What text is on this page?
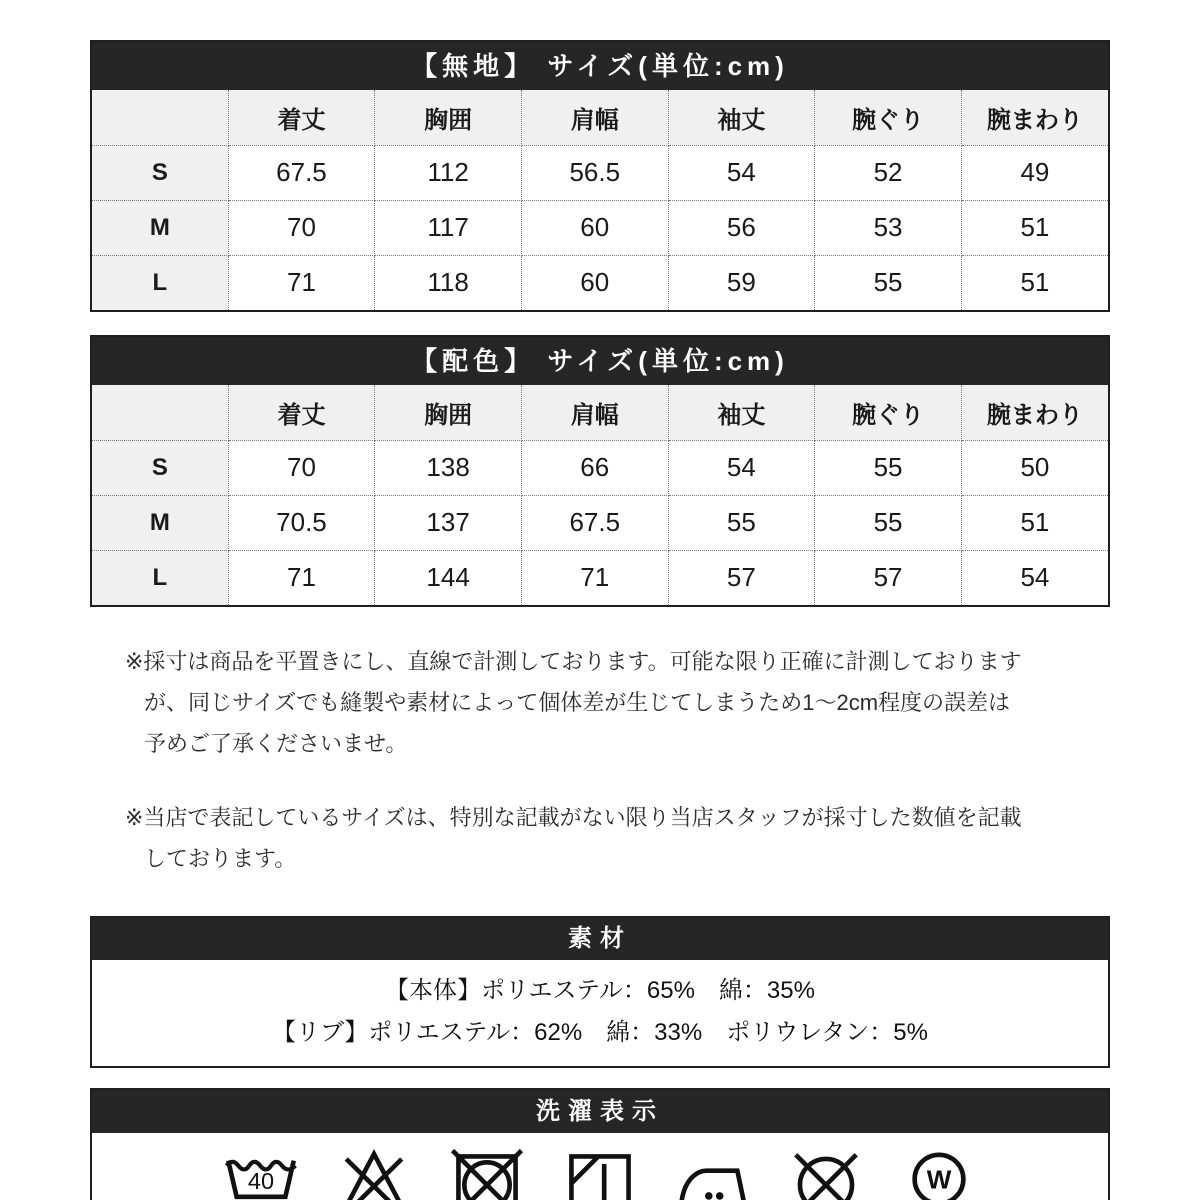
【無地】 サイズ(単位:cm)
	着丈	胸囲	肩幅	袖丈	腕ぐり	腕まわり
S	67.5	112	56.5	54	52	49
M	70	117	60	56	53	51
L	71	118	60	59	55	51
【配色】 サイズ(単位:cm)
	着丈	胸囲	肩幅	袖丈	腕ぐり	腕まわり
S	70	138	66	54	55	50
M	70.5	137	67.5	55	55	51
L	71	144	71	57	57	54
※採寸は商品を平置きにし、直線で計測しております。可能な限り正確に計測しております
が、同じサイズでも縫製や素材によって個体差が生じてしまうため1〜2cm程度の誤差は
予めご了承くださいませ。
※当店で表記しているサイズは、特別な記載がない限り当店スタッフが採寸した数値を記載
しております。
素材
【本体】ポリエステル：65%　綿：35%
【リブ】ポリエステル：62%　綿：33%　ポリウレタン：5%
洗濯表示
40	W
